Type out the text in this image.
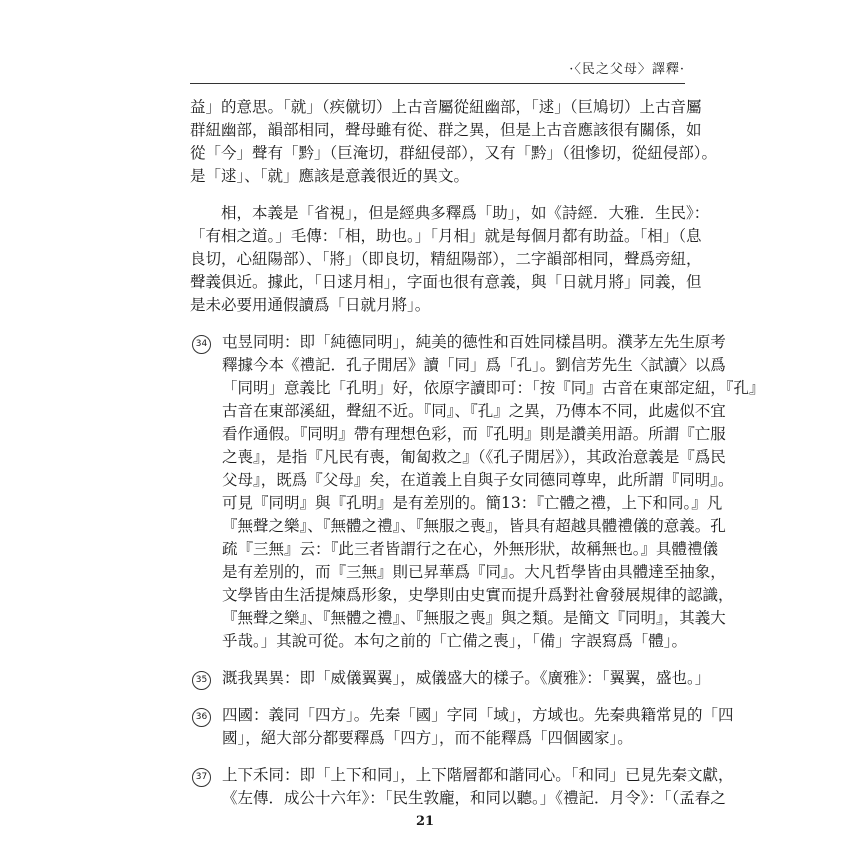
·〈民之父母〉譯釋·
益」的意思。「就」（疾僦切）上古音屬從紐幽部，「逑」（巨鳩切）上古音屬
群紐幽部，韻部相同，聲母雖有從、群之異，但是上古音應該很有關係，如
從「今」聲有「黔」（巨淹切，群紐侵部），又有「黔」（徂慘切，從紐侵部）。
是「逑」、「就」應該是意義很近的異文。
　　相，本義是「省視」，但是經典多釋爲「助」，如《詩經．大雅．生民》：
「有相之道。」毛傳：「相，助也。」「月相」就是每個月都有助益。「相」（息
良切，心紐陽部）、「將」（即良切，精紐陽部），二字韻部相同，聲爲旁紐，
聲義俱近。據此，「日逑月相」，字面也很有意義，與「日就月將」同義，但
是未必要用通假讀爲「日就月將」。
34 屯昱同明：即「純德同明」，純美的德性和百姓同樣昌明。濮茅左先生原考
釋據今本《禮記．孔子閒居》讀「同」爲「孔」。劉信芳先生〈試讀〉以爲
「同明」意義比「孔明」好，依原字讀即可：「按『同』古音在東部定紐，『孔』
古音在東部溪紐，聲紐不近。『同』、『孔』之異，乃傳本不同，此處似不宜
看作通假。『同明』帶有理想色彩，而『孔明』則是讚美用語。所謂『亡服
之喪』，是指『凡民有喪，匍匐救之』（《孔子閒居》），其政治意義是『爲民
父母』，既爲『父母』矣，在道義上自與子女同德同尊卑，此所謂『同明』。
可見『同明』與『孔明』是有差別的。簡13：『亡體之禮，上下和同。』凡
『無聲之樂』、『無體之禮』、『無服之喪』，皆具有超越具體禮儀的意義。孔
疏『三無』云：『此三者皆謂行之在心，外無形狀，故稱無也。』具體禮儀
是有差別的，而『三無』則已昇華爲『同』。大凡哲學皆由具體達至抽象，
文學皆由生活提煉爲形象，史學則由史實而提升爲對社會發展規律的認識，
『無聲之樂』、『無體之禮』、『無服之喪』與之類。是簡文『同明』，其義大
乎哉。」其說可從。本句之前的「亡備之喪」，「備」字誤寫爲「體」。
35 溉我異異：即「威儀翼翼」，威儀盛大的樣子。《廣雅》：「翼翼，盛也。」
36 四國：義同「四方」。先秦「國」字同「域」，方域也。先秦典籍常見的「四
國」，絕大部分都要釋爲「四方」，而不能釋爲「四個國家」。
37 上下禾同：即「上下和同」，上下階層都和諧同心。「和同」已見先秦文獻，
《左傳．成公十六年》：「民生敦龐，和同以聽。」《禮記．月令》：「（孟春之
21
